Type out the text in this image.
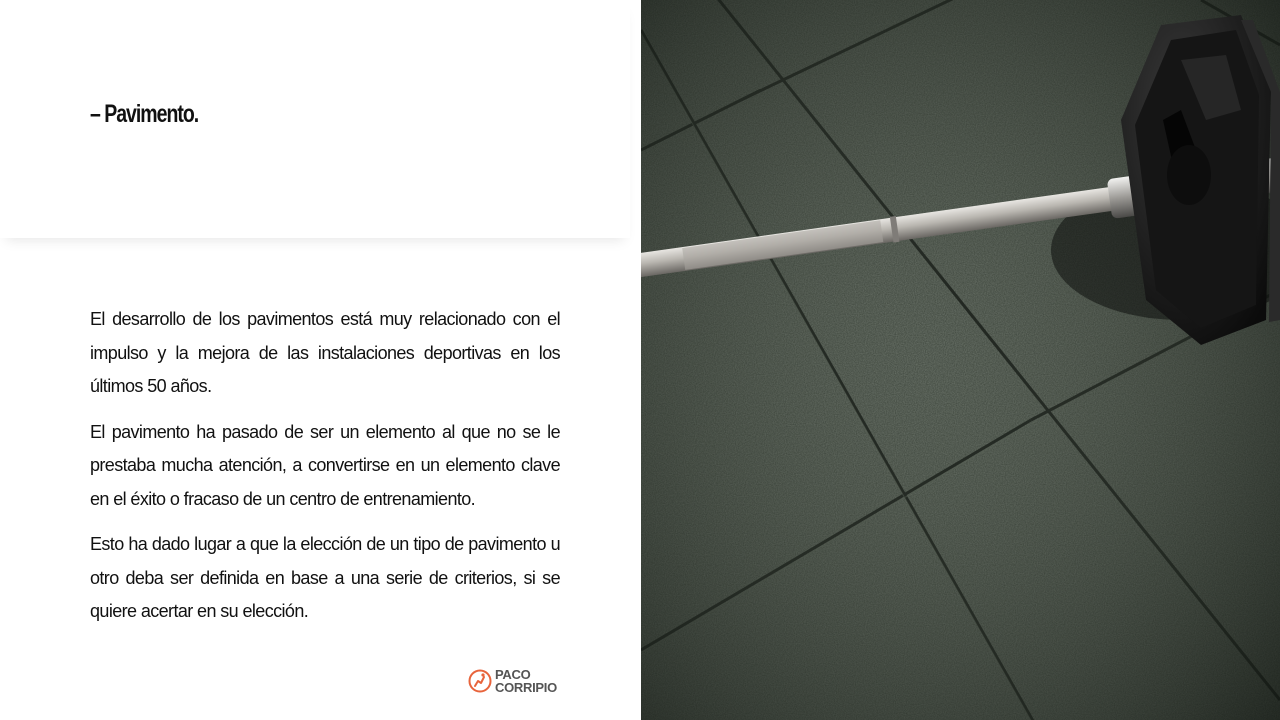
– Pavimento.

El desarrollo de los pavimentos está muy relacionado con el impulso y la mejora de las instalaciones deportivas en los últimos 50 años.

El pavimento ha pasado de ser un elemento al que no se le prestaba mucha atención, a convertirse en un elemento clave en el éxito o fracaso de un centro de entrenamiento.

Esto ha dado lugar a que la elección de un tipo de pavimento u otro deba ser definida en base a una serie de criterios, si se quiere acertar en su elección.

PACO
CORRIPIO
